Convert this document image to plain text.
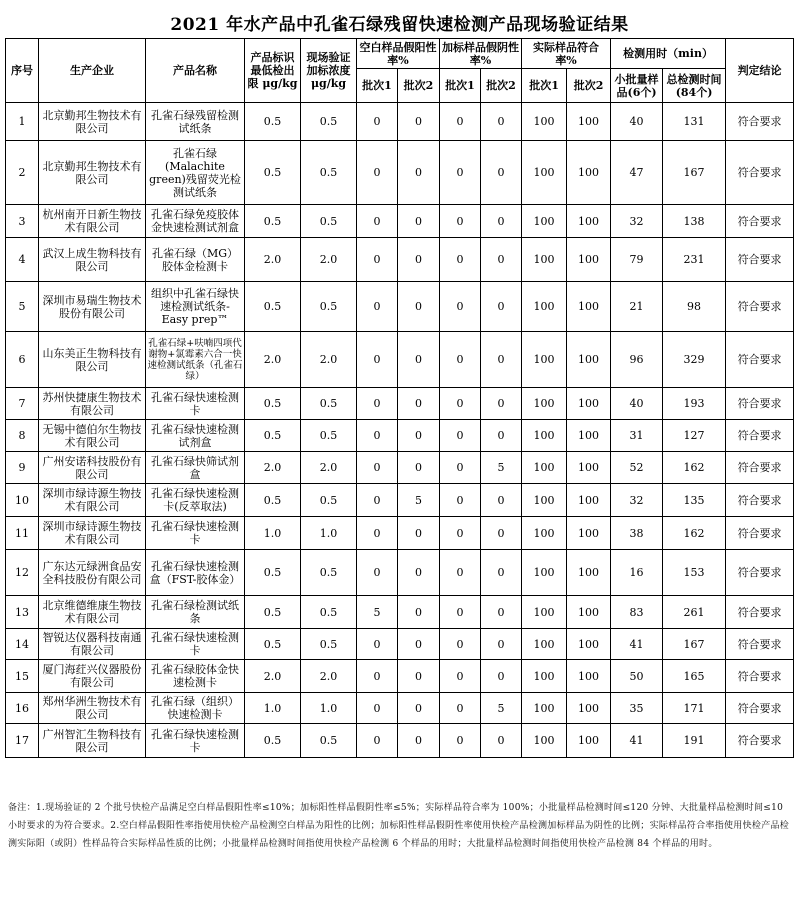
2021 年水产品中孔雀石绿残留快速检测产品现场验证结果
序号	生产企业	产品名称	产品标识最低检出限 μg/kg	现场验证加标浓度 μg/kg	空白样品假阳性率%		加标样品假阴性率%		实际样品符合率%		检测用时（min）		判定结论
					批次1	批次2	批次1	批次2	批次1	批次2	小批量样品(6个)	总检测时间(84个)	
1	北京勤邦生物技术有限公司	孔雀石绿残留检测试纸条	0.5	0.5	0	0	0	0	100	100	40	131	符合要求
2	北京勤邦生物技术有限公司	孔雀石绿(Malachite green)残留荧光检测试纸条	0.5	0.5	0	0	0	0	100	100	47	167	符合要求
3	杭州南开日新生物技术有限公司	孔雀石绿免疫胶体金快速检测试剂盒	0.5	0.5	0	0	0	0	100	100	32	138	符合要求
4	武汉上成生物科技有限公司	孔雀石绿（MG）胶体金检测卡	2.0	2.0	0	0	0	0	100	100	79	231	符合要求
5	深圳市易瑞生物技术股份有限公司	组织中孔雀石绿快速检测试纸条-Easy prep™	0.5	0.5	0	0	0	0	100	100	21	98	符合要求
6	山东美正生物科技有限公司	孔雀石绿+呋喃四项代谢物+氯霉素六合一快速检测试纸条（孔雀石绿）	2.0	2.0	0	0	0	0	100	100	96	329	符合要求
7	苏州快捷康生物技术有限公司	孔雀石绿快速检测卡	0.5	0.5	0	0	0	0	100	100	40	193	符合要求
8	无锡中德伯尔生物技术有限公司	孔雀石绿快速检测试剂盒	0.5	0.5	0	0	0	0	100	100	31	127	符合要求
9	广州安诺科技股份有限公司	孔雀石绿快筛试剂盒	2.0	2.0	0	0	0	5	100	100	52	162	符合要求
10	深圳市绿诗源生物技术有限公司	孔雀石绿快速检测卡(反萃取法)	0.5	0.5	0	5	0	0	100	100	32	135	符合要求
11	深圳市绿诗源生物技术有限公司	孔雀石绿快速检测卡	1.0	1.0	0	0	0	0	100	100	38	162	符合要求
12	广东达元绿洲食品安全科技股份有限公司	孔雀石绿快速检测盒（FST-胶体金）	0.5	0.5	0	0	0	0	100	100	16	153	符合要求
13	北京维德维康生物技术有限公司	孔雀石绿检测试纸条	0.5	0.5	5	0	0	0	100	100	83	261	符合要求
14	智锐达仪器科技南通有限公司	孔雀石绿快速检测卡	0.5	0.5	0	0	0	0	100	100	41	167	符合要求
15	厦门海荭兴仪器股份有限公司	孔雀石绿胶体金快速检测卡	2.0	2.0	0	0	0	0	100	100	50	165	符合要求
16	郑州华洲生物技术有限公司	孔雀石绿（组织）快速检测卡	1.0	1.0	0	0	0	5	100	100	35	171	符合要求
17	广州智汇生物科技有限公司	孔雀石绿快速检测卡	0.5	0.5	0	0	0	0	100	100	41	191	符合要求
备注：1.现场验证的 2 个批号快检产品满足空白样品假阳性率≤10%；加标阳性样品假阴性率≤5%；实际样品符合率为 100%；小批量样品检测时间≤120 分钟、大批量样品检测时间≤10 小时要求的为符合要求。2.空白样品假阳性率指使用快检产品检测空白样品为阳性的比例；加标阳性样品假阴性率使用快检产品检测加标样品为阴性的比例；实际样品符合率指使用快检产品检测实际阳（或阴）性样品符合实际样品性质的比例；小批量样品检测时间指使用快检产品检测 6 个样品的用时；大批量样品检测时间指使用快检产品检测 84 个样品的用时。
